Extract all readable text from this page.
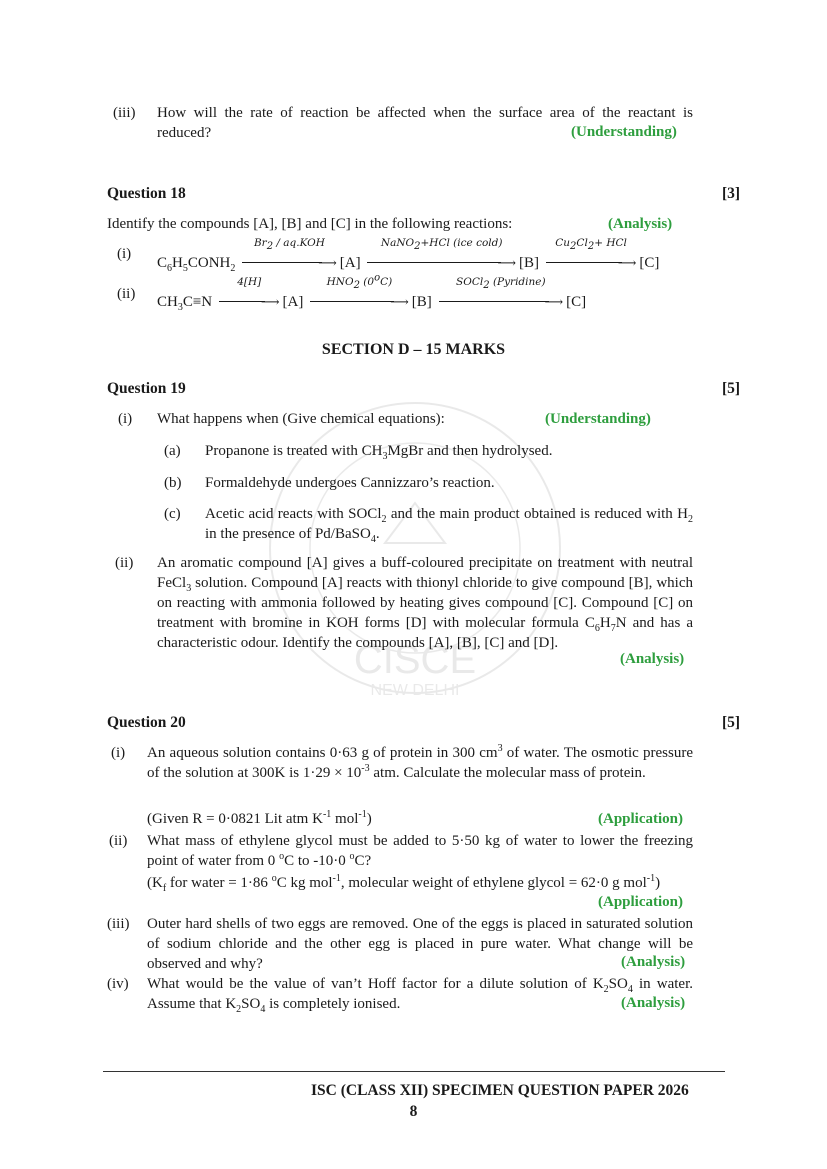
CISCE
NEW DELHI
(iii) How will the rate of reaction be affected when the surface area of the reactant is reduced?	(Understanding)
Question 18	[3]
Identify the compounds [A], [B] and [C] in the following reactions:	(Analysis)
(i)
$C_6H_5CONH_2$
$Br_2 / aq.KOH$
⟶ [A]
NaNO$_2$+HCl (ice cold)
⟶ [B]
$Cu_2Cl_2+$ HCl
⟶ [C]
(ii) $CH_3C\equiv N$
4[H]
⟶ [A]
$HNO_2$ (0$^o$C)
⟶ [B]
SOCl$_2$ (Pyridine)
⟶ [C]
SECTION D – 15 MARKS
Question 19	[5]
(i) What happens when (Give chemical equations):	(Understanding)
(a) Propanone is treated with $CH_3MgBr$ and then hydrolysed.
(b) Formaldehyde undergoes Cannizzaro’s reaction.
(c) Acetic acid reacts with SOCl$_2$ and the main product obtained is reduced with $H_2$ in the presence of Pd/BaSO$_4$.
(ii) An aromatic compound [A] gives a buff-coloured precipitate on treatment with neutral FeCl$_3$ solution. Compound [A] reacts with thionyl chloride to give compound [B], which on reacting with ammonia followed by heating gives compound [C]. Compound [C] on treatment with bromine in KOH forms [D] with molecular formula $C_6H_7N$ and has a characteristic odour. Identify the compounds [A], [B], [C] and [D].
(Analysis)
Question 20	[5]
(i) An aqueous solution contains 0·63 g of protein in 300 $cm^3$ of water. The osmotic pressure of the solution at 300K is $1\cdot 29 \times 10^{-3}$ atm. Calculate the molecular mass of protein.
(Given R = 0·0821 Lit atm $K^{-1}$ mol$^{-1}$)	(Application)
(ii) What mass of ethylene glycol must be added to 5·50 kg of water to lower the freezing point of water from 0 $^o$C to -10·0 $^o$C?
($K_f$ for water = 1·86 $^o$C kg mol$^{-1}$, molecular weight of ethylene glycol = 62·0 g mol$^{-1}$)
(Application)
(iii) Outer hard shells of two eggs are removed. One of the eggs is placed in saturated solution of sodium chloride and the other egg is placed in pure water. What change will be observed and why?	(Analysis)
(iv) What would be the value of van’t Hoff factor for a dilute solution of $K_2SO_4$ in water. Assume that $K_2SO_4$ is completely ionised.	(Analysis)
ISC (CLASS XII) SPECIMEN QUESTION PAPER 2026
8
